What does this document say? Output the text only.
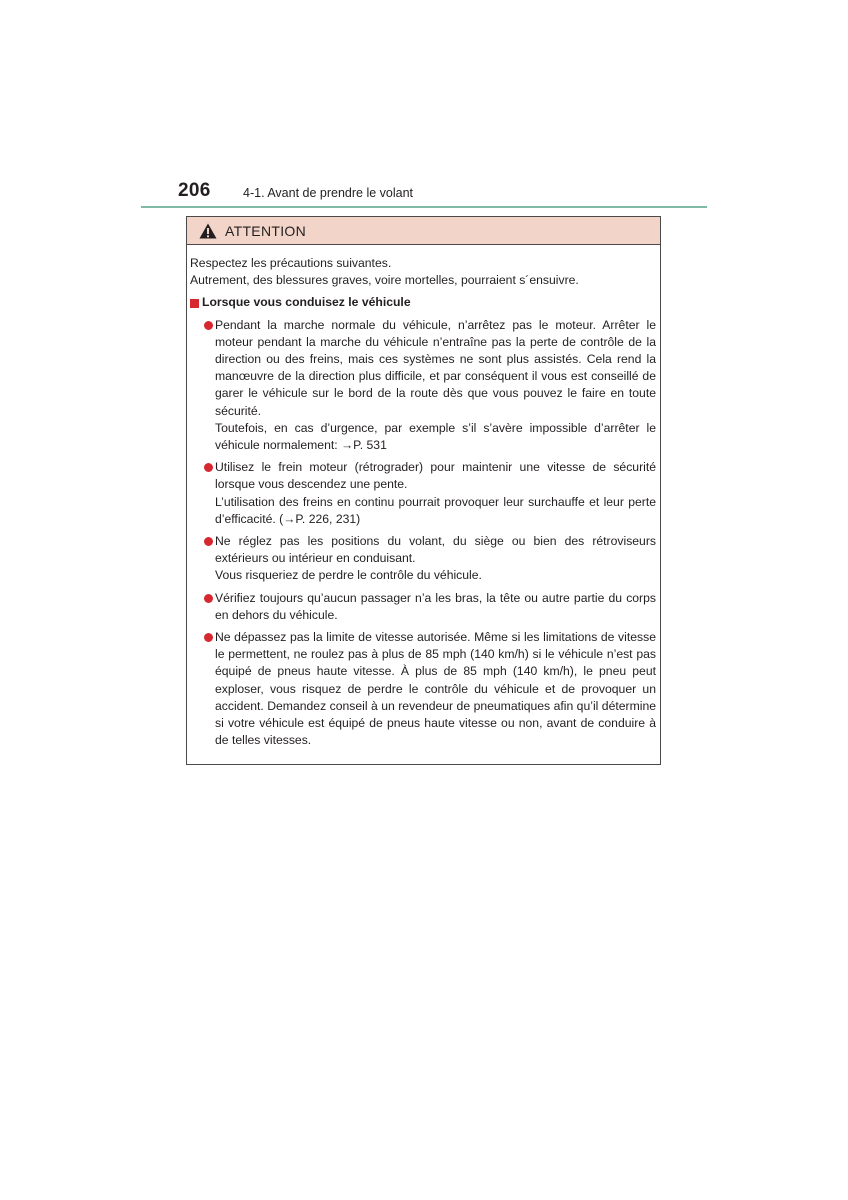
206	4-1. Avant de prendre le volant
ATTENTION

Respectez les précautions suivantes.

Autrement, des blessures graves, voire mortelles, pourraient s´ensuivre.

Lorsque vous conduisez le véhicule

Pendant la marche normale du véhicule, n’arrêtez pas le moteur. Arrêter le moteur pendant la marche du véhicule n’entraîne pas la perte de contrôle de la direction ou des freins, mais ces systèmes ne sont plus assistés. Cela rend la manœuvre de la direction plus difficile, et par conséquent il vous est conseillé de garer le véhicule sur le bord de la route dès que vous pouvez le faire en toute sécurité.

Toutefois, en cas d’urgence, par exemple s’il s’avère impossible d’arrêter le véhicule normalement: →P. 531

Utilisez le frein moteur (rétrograder) pour maintenir une vitesse de sécurité lorsque vous descendez une pente.

L’utilisation des freins en continu pourrait provoquer leur surchauffe et leur perte d’efficacité. (→P. 226, 231)

Ne réglez pas les positions du volant, du siège ou bien des rétroviseurs extérieurs ou intérieur en conduisant.

Vous risqueriez de perdre le contrôle du véhicule.

Vérifiez toujours qu’aucun passager n’a les bras, la tête ou autre partie du corps en dehors du véhicule.

Ne dépassez pas la limite de vitesse autorisée. Même si les limitations de vitesse le permettent, ne roulez pas à plus de 85 mph (140 km/h) si le véhicule n’est pas équipé de pneus haute vitesse. À plus de 85 mph (140 km/h), le pneu peut exploser, vous risquez de perdre le contrôle du véhicule et de provoquer un accident. Demandez conseil à un revendeur de pneumatiques afin qu’il détermine si votre véhicule est équipé de pneus haute vitesse ou non, avant de conduire à de telles vitesses.
